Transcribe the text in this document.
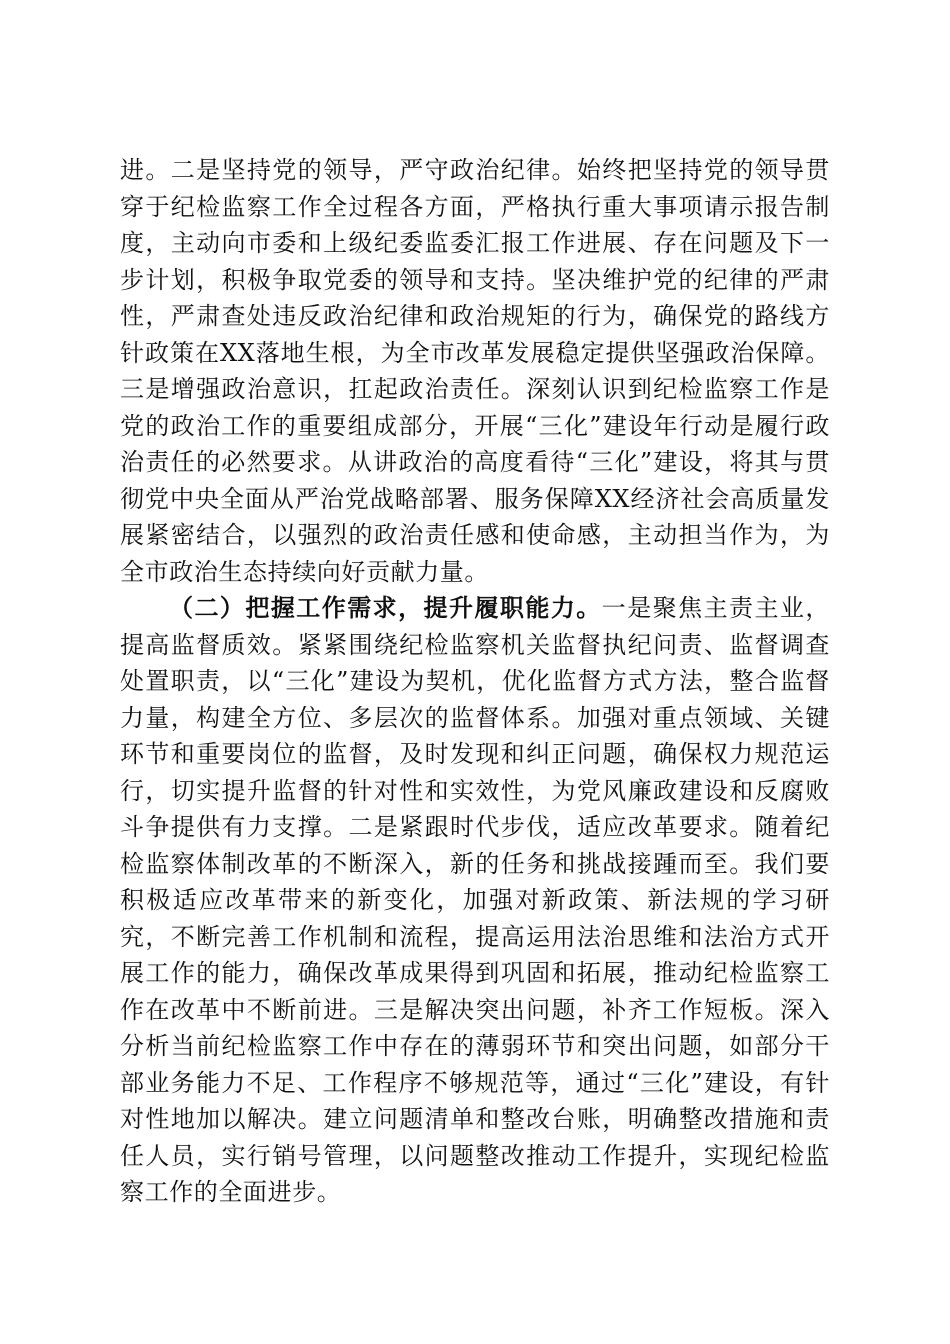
进。二是坚持党的领导，严守政治纪律。始终把坚持党的领导贯穿于纪检监察工作全过程各方面，严格执行重大事项请示报告制度，主动向市委和上级纪委监委汇报工作进展、存在问题及下一步计划，积极争取党委的领导和支持。坚决维护党的纪律的严肃性，严肃查处违反政治纪律和政治规矩的行为，确保党的路线方针政策在XX落地生根，为全市改革发展稳定提供坚强政治保障。三是增强政治意识，扛起政治责任。深刻认识到纪检监察工作是党的政治工作的重要组成部分，开展“三化”建设年行动是履行政治责任的必然要求。从讲政治的高度看待“三化”建设，将其与贯彻党中央全面从严治党战略部署、服务保障XX经济社会高质量发展紧密结合，以强烈的政治责任感和使命感，主动担当作为，为全市政治生态持续向好贡献力量。

（二）把握工作需求，提升履职能力。一是聚焦主责主业，提高监督质效。紧紧围绕纪检监察机关监督执纪问责、监督调查处置职责，以“三化”建设为契机，优化监督方式方法，整合监督力量，构建全方位、多层次的监督体系。加强对重点领域、关键环节和重要岗位的监督，及时发现和纠正问题，确保权力规范运行，切实提升监督的针对性和实效性，为党风廉政建设和反腐败斗争提供有力支撑。二是紧跟时代步伐，适应改革要求。随着纪检监察体制改革的不断深入，新的任务和挑战接踵而至。我们要积极适应改革带来的新变化，加强对新政策、新法规的学习研究，不断完善工作机制和流程，提高运用法治思维和法治方式开展工作的能力，确保改革成果得到巩固和拓展，推动纪检监察工作在改革中不断前进。三是解决突出问题，补齐工作短板。深入分析当前纪检监察工作中存在的薄弱环节和突出问题，如部分干部业务能力不足、工作程序不够规范等，通过“三化”建设，有针对性地加以解决。建立问题清单和整改台账，明确整改措施和责任人员，实行销号管理，以问题整改推动工作提升，实现纪检监察工作的全面进步。
